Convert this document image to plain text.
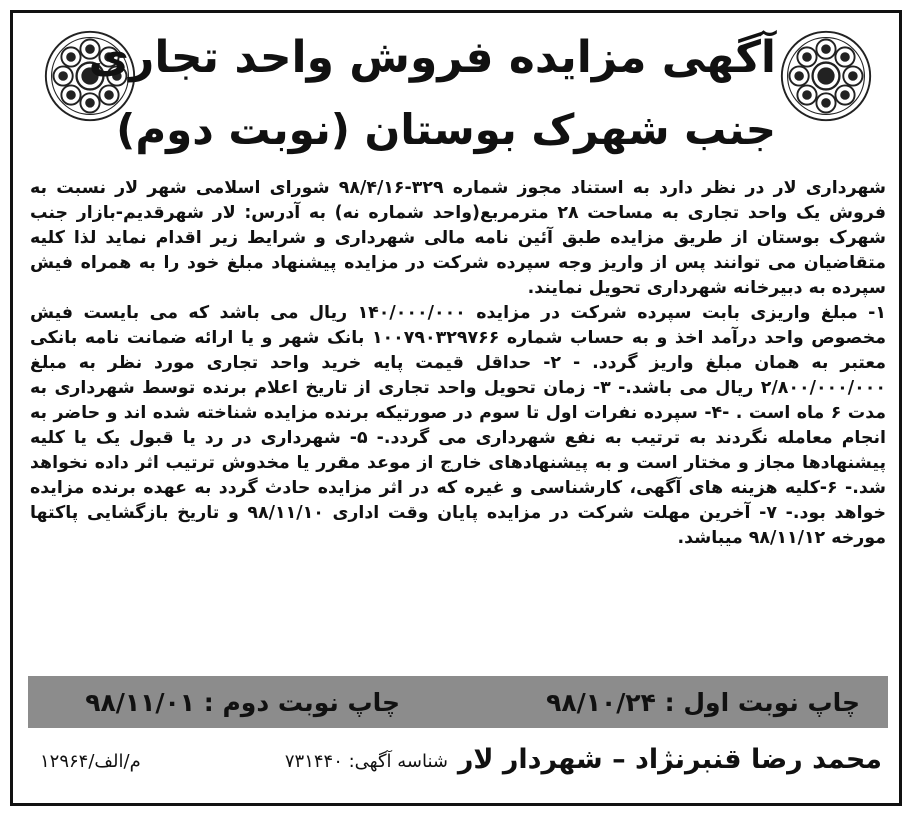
آگهی مزایده فروش واحد تجاری
جنب شهرک بوستان (نوبت دوم)

شهرداری لار در نظر دارد به استناد مجوز شماره ۳۲۹-۹۸/۴/۱۶ شورای اسلامی شهر لار نسبت به فروش یک واحد تجاری به مساحت ۲۸ مترمربع(واحد شماره نه) به آدرس: لار شهرقدیم-بازار جنب شهرک بوستان از طریق مزایده طبق آئین نامه مالی شهرداری و شرایط زیر اقدام نماید لذا کلیه متقاضیان می توانند پس از واریز وجه سپرده شرکت در مزایده پیشنهاد مبلغ خود را به همراه فیش سپرده به دبیرخانه شهرداری تحویل نمایند.

۱- مبلغ واریزی بابت سپرده شرکت در مزایده ۱۴۰/۰۰۰/۰۰۰ ریال می باشد که می بایست فیش مخصوص واحد درآمد اخذ و به حساب شماره ۱۰۰۷۹۰۳۲۹۷۶۶ بانک شهر و یا ارائه ضمانت نامه بانکی معتبر به همان مبلغ واریز گردد. - ۲- حداقل قیمت پایه خرید واحد تجاری مورد نظر به مبلغ ۲/۸۰۰/۰۰۰/۰۰۰ ریال می باشد.- ۳- زمان تحویل واحد تجاری از تاریخ اعلام برنده توسط شهرداری به مدت ۶ ماه است . -۴- سپرده نفرات اول تا سوم در صورتیکه برنده مزایده شناخته شده اند و حاضر به انجام معامله نگردند به ترتیب به نفع شهرداری می گردد.- ۵- شهرداری در رد یا قبول یک یا کلیه پیشنهادها مجاز و مختار است و به پیشنهادهای خارج از موعد مقرر یا مخدوش ترتیب اثر داده نخواهد شد.- ۶-کلیه هزینه های آگهی، کارشناسی و غیره که در اثر مزایده حادث گردد به عهده برنده مزایده خواهد بود.- ۷- آخرین مهلت شرکت در مزایده پایان وقت اداری ۹۸/۱۱/۱۰ و تاریخ بازگشایی پاکتها مورخه ۹۸/۱۱/۱۲ میباشد.

چاپ نوبت اول : ۹۸/۱۰/۲۴
چاپ نوبت دوم : ۹۸/۱۱/۰۱
محمد رضا قنبرنژاد – شهردار لار
شناسه آگهی: ۷۳۱۴۴۰
م/الف/۱۲۹۶۴
